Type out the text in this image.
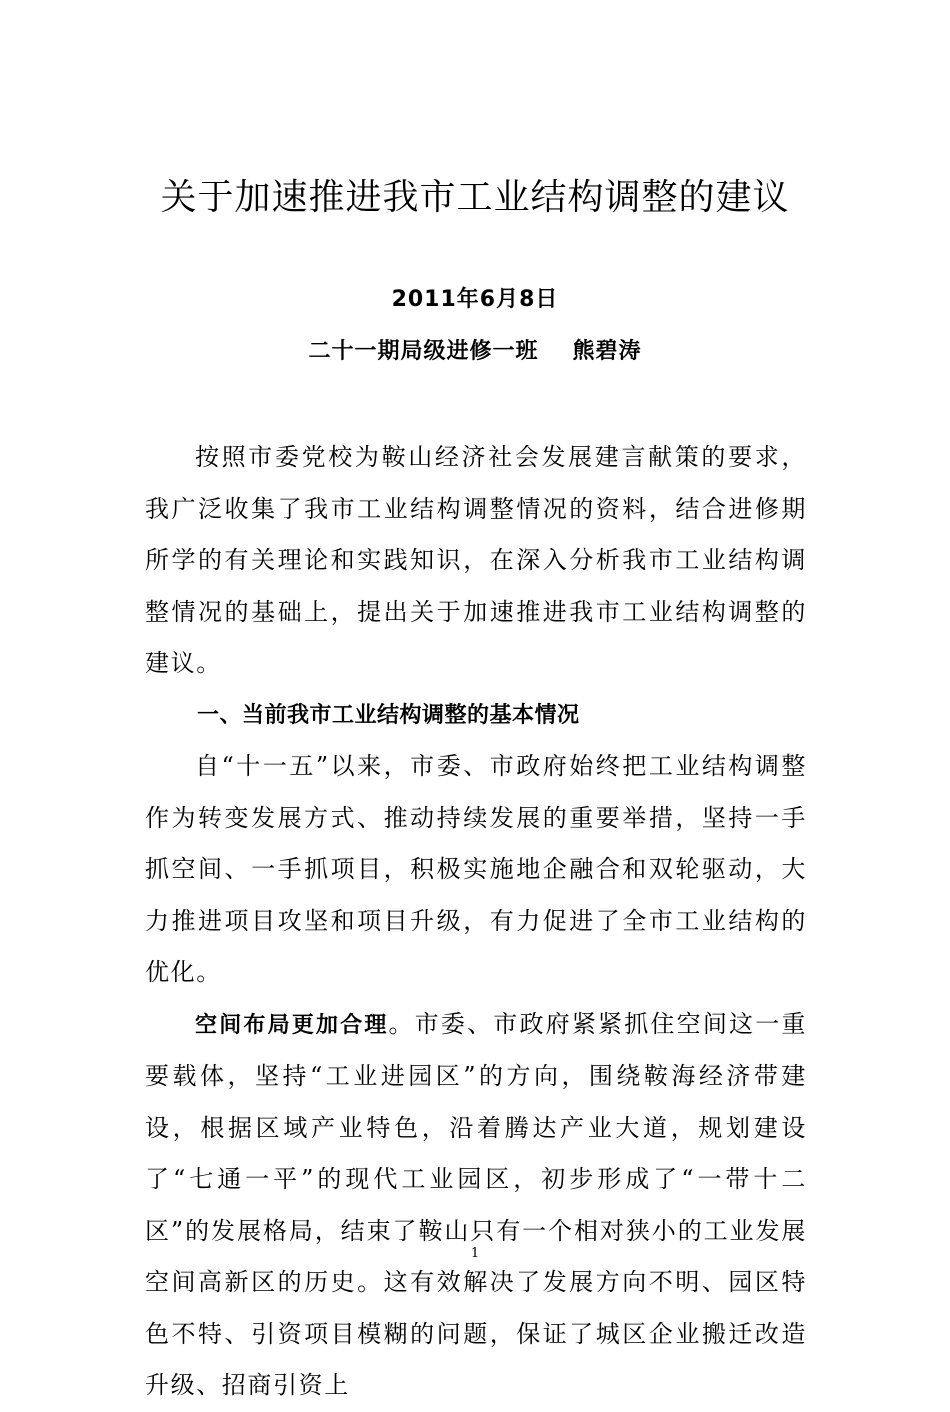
关于加速推进我市工业结构调整的建议
2011年6月8日
二十一期局级进修一班 熊碧涛

按照市委党校为鞍山经济社会发展建言献策的要求，我广泛收集了我市工业结构调整情况的资料，结合进修期所学的有关理论和实践知识，在深入分析我市工业结构调整情况的基础上，提出关于加速推进我市工业结构调整的建议。

一、当前我市工业结构调整的基本情况

自“十一五”以来，市委、市政府始终把工业结构调整作为转变发展方式、推动持续发展的重要举措，坚持一手抓空间、一手抓项目，积极实施地企融合和双轮驱动，大力推进项目攻坚和项目升级，有力促进了全市工业结构的优化。

空间布局更加合理。市委、市政府紧紧抓住空间这一重要载体，坚持“工业进园区”的方向，围绕鞍海经济带建设，根据区域产业特色，沿着腾达产业大道，规划建设了“七通一平”的现代工业园区，初步形成了“一带十二区”的发展格局，结束了鞍山只有一个相对狭小的工业发展空间高新区的历史。这有效解决了发展方向不明、园区特色不特、引资项目模糊的问题，保证了城区企业搬迁改造升级、招商引资上

1
